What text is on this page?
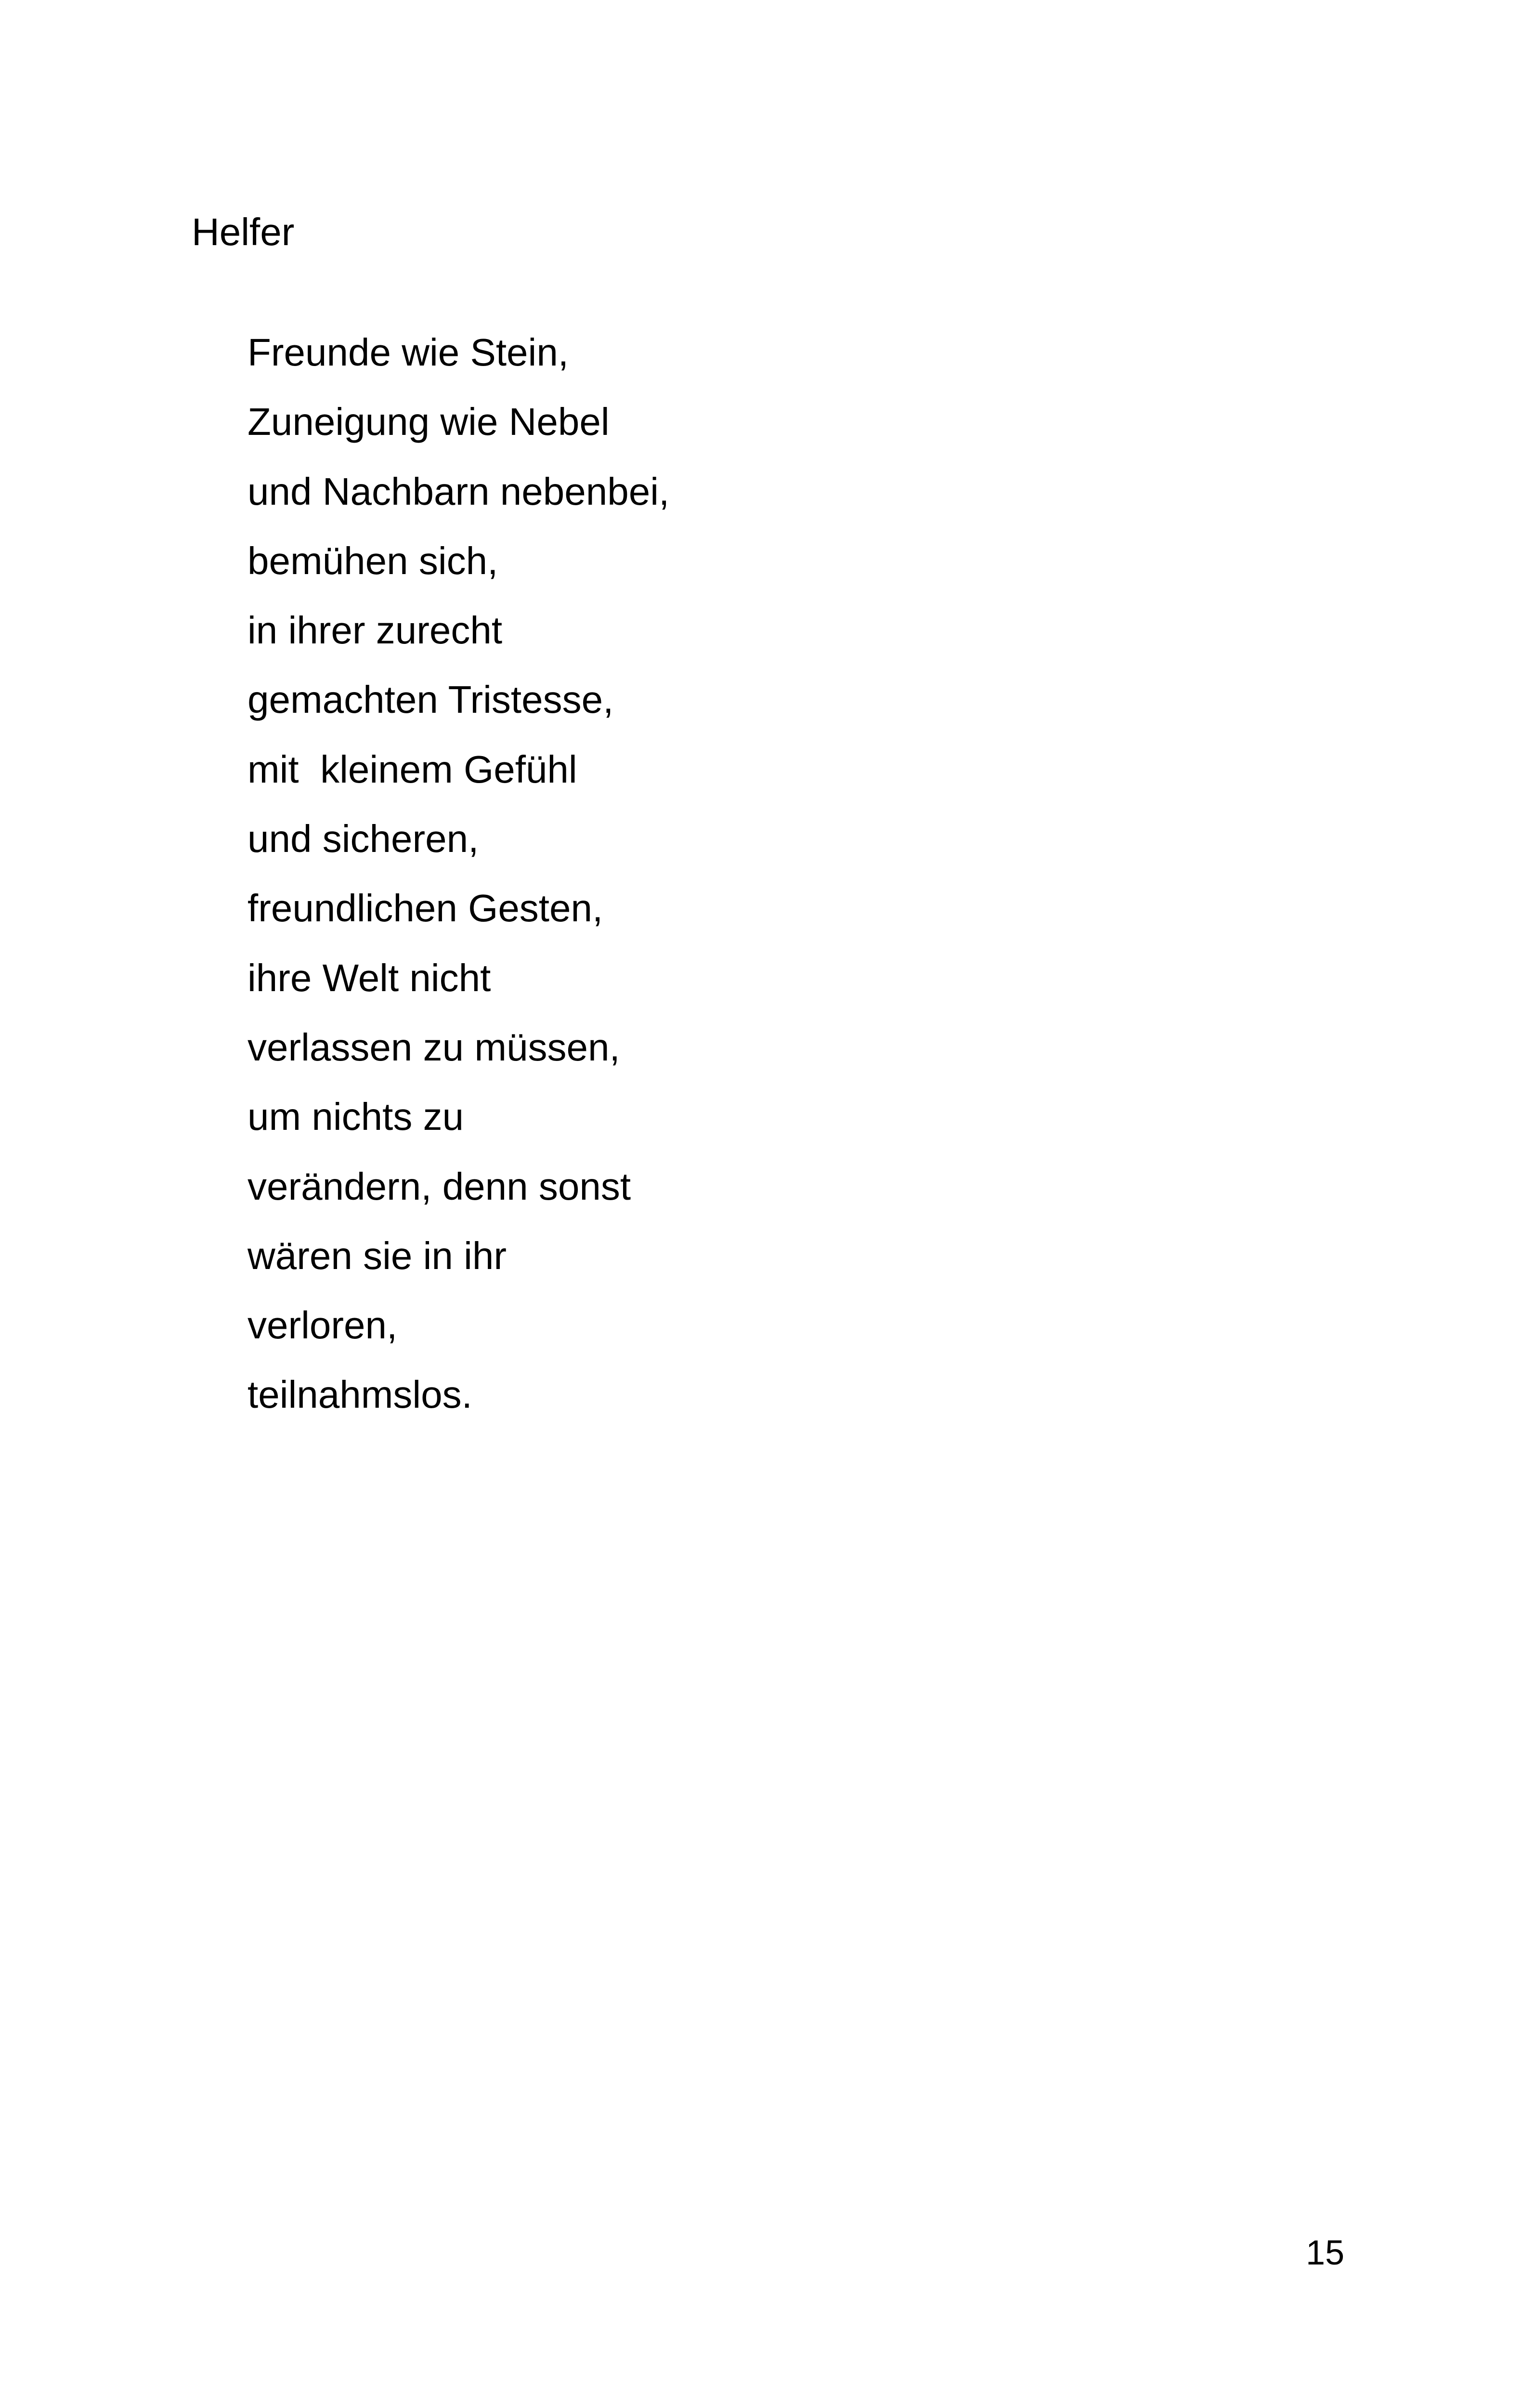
Helfer
Freunde wie Stein,
Zuneigung wie Nebel
und Nachbarn nebenbei,
bemühen sich,
in ihrer zurecht
gemachten Tristesse,
mit  kleinem Gefühl
und sicheren,
freundlichen Gesten,
ihre Welt nicht
verlassen zu müssen,
um nichts zu
verändern, denn sonst
wären sie in ihr
verloren,
teilnahmslos.
15
